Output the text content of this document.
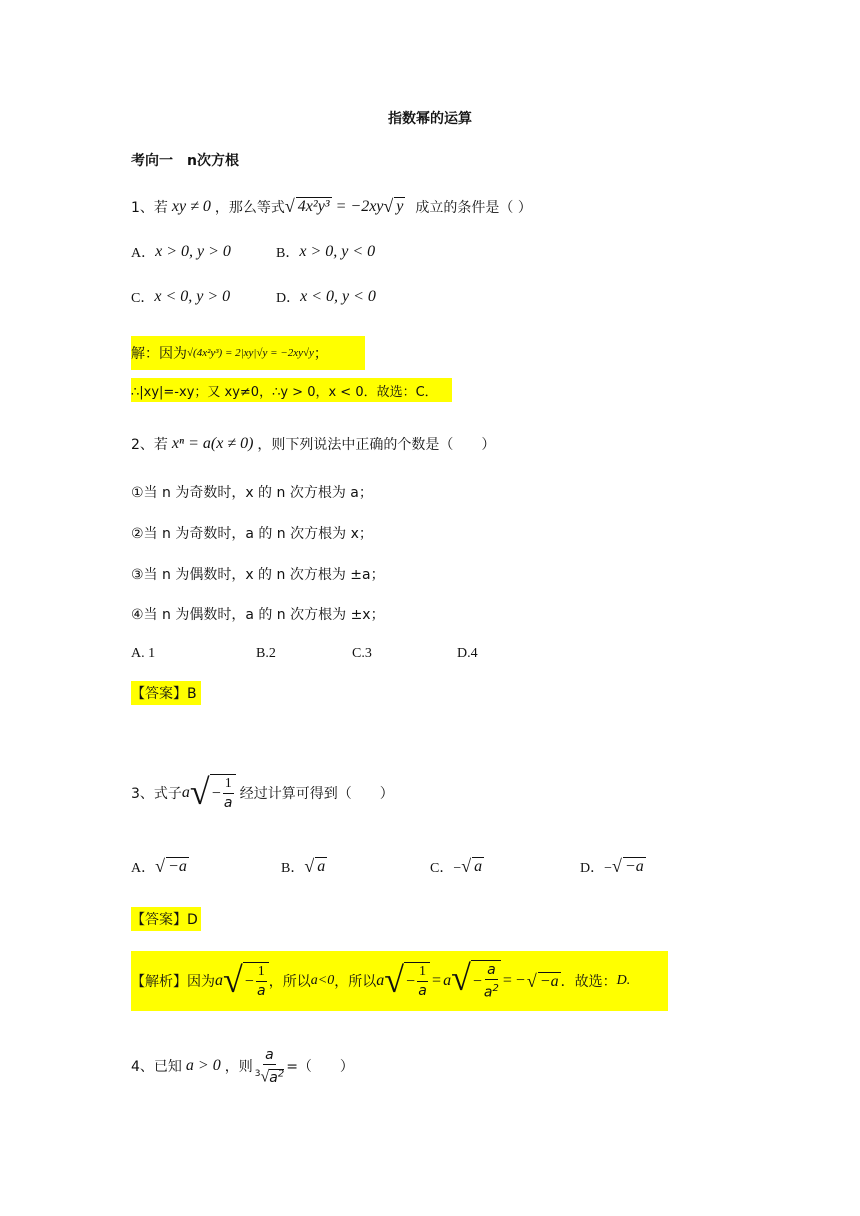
指数幂的运算
考向一　n次方根
1、若 xy ≠ 0 ，那么等式 √ 4x²y³ = −2xy √ y 成立的条件是（ ）
A． x > 0, y > 0	B． x > 0, y < 0
C． x < 0, y > 0	D． x < 0, y < 0
解：因为 √(4x²y³) = 2|xy|√y = −2xy√y ；
∴|xy|=-xy；又 xy≠0，∴y > 0，x < 0．故选：C．
2、若 xⁿ = a(x ≠ 0) ，则下列说法中正确的个数是（　　）
①当 n 为奇数时，x 的 n 次方根为 a；
②当 n 为奇数时，a 的 n 次方根为 x；
③当 n 为偶数时，x 的 n 次方根为 ±a；
④当 n 为偶数时，a 的 n 次方根为 ±x；
A. 1	B.2	C.3	D.4
【答案】B
3、式子 a √ − $\frac{1}{a}$ 经过计算可得到（　　）
A． √ −a	B． √ a	C．− √ a	D．− √ −a
【答案】D
【解析】因为 a √ − $\frac{1}{a}$ ，所以 a<0 ，所以 a √ − $\frac{1}{a} = a$ √ − $\frac{a}{a^2}$ = − √ −a ．故选： D.
4、已知 a > 0 ，则 $\frac{a}{^3√a^2}$ =（　　）
